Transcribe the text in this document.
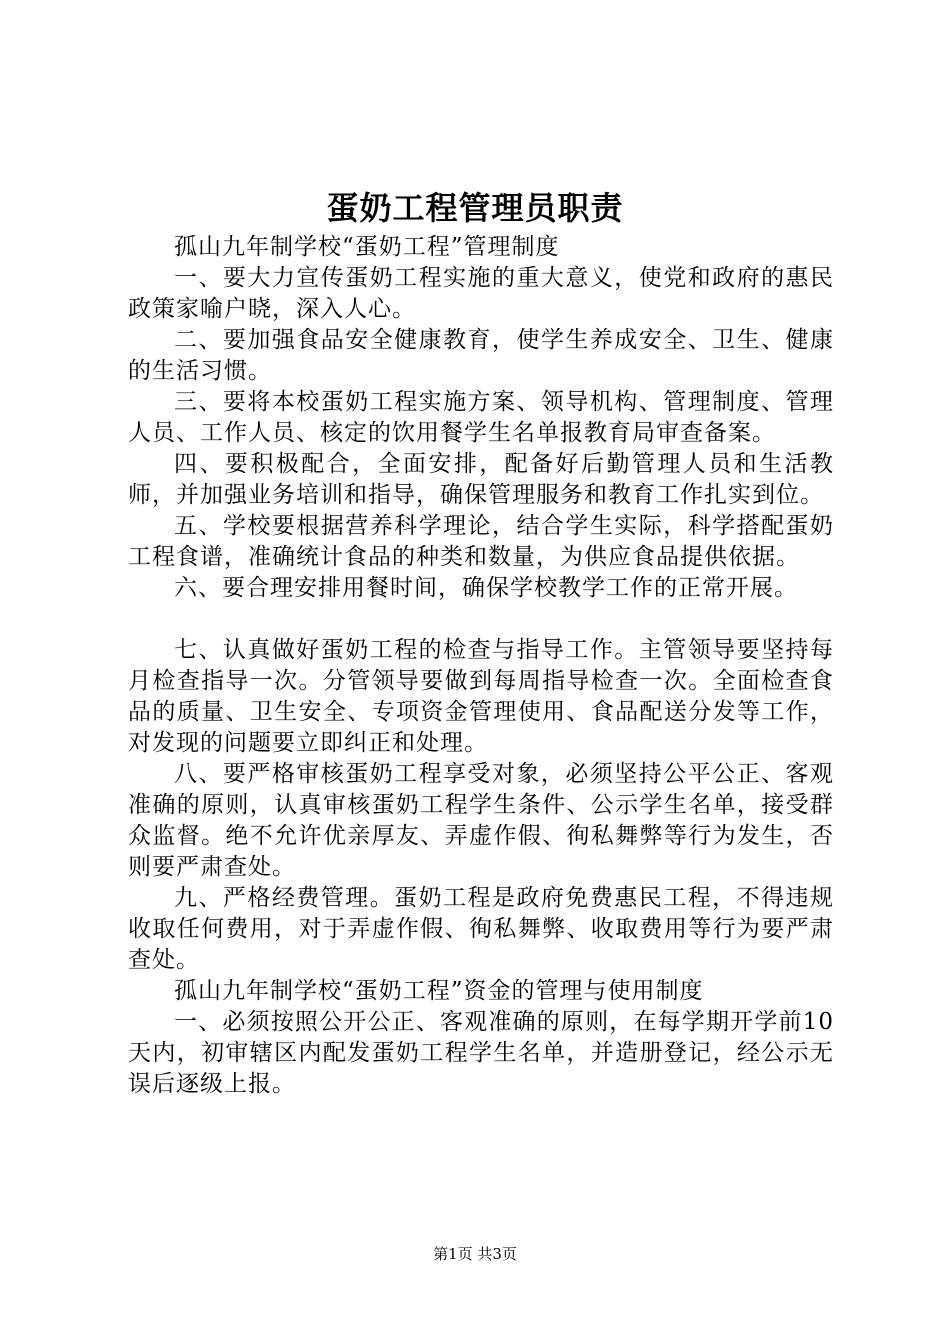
蛋奶工程管理员职责

孤山九年制学校“蛋奶工程”管理制度

一、要大力宣传蛋奶工程实施的重大意义，使党和政府的惠民政策家喻户晓，深入人心。

二、要加强食品安全健康教育，使学生养成安全、卫生、健康的生活习惯。

三、要将本校蛋奶工程实施方案、领导机构、管理制度、管理人员、工作人员、核定的饮用餐学生名单报教育局审查备案。

四、要积极配合，全面安排，配备好后勤管理人员和生活教师，并加强业务培训和指导，确保管理服务和教育工作扎实到位。

五、学校要根据营养科学理论，结合学生实际，科学搭配蛋奶工程食谱，准确统计食品的种类和数量，为供应食品提供依据。

六、要合理安排用餐时间，确保学校教学工作的正常开展。

七、认真做好蛋奶工程的检查与指导工作。主管领导要坚持每月检查指导一次。分管领导要做到每周指导检查一次。全面检查食品的质量、卫生安全、专项资金管理使用、食品配送分发等工作，对发现的问题要立即纠正和处理。

八、要严格审核蛋奶工程享受对象，必须坚持公平公正、客观准确的原则，认真审核蛋奶工程学生条件、公示学生名单，接受群众监督。绝不允许优亲厚友、弄虚作假、徇私舞弊等行为发生，否则要严肃查处。

九、严格经费管理。蛋奶工程是政府免费惠民工程，不得违规收取任何费用，对于弄虚作假、徇私舞弊、收取费用等行为要严肃查处。

孤山九年制学校“蛋奶工程”资金的管理与使用制度

一、必须按照公开公正、客观准确的原则，在每学期开学前10天内，初审辖区内配发蛋奶工程学生名单，并造册登记，经公示无误后逐级上报。

第1页 共3页
